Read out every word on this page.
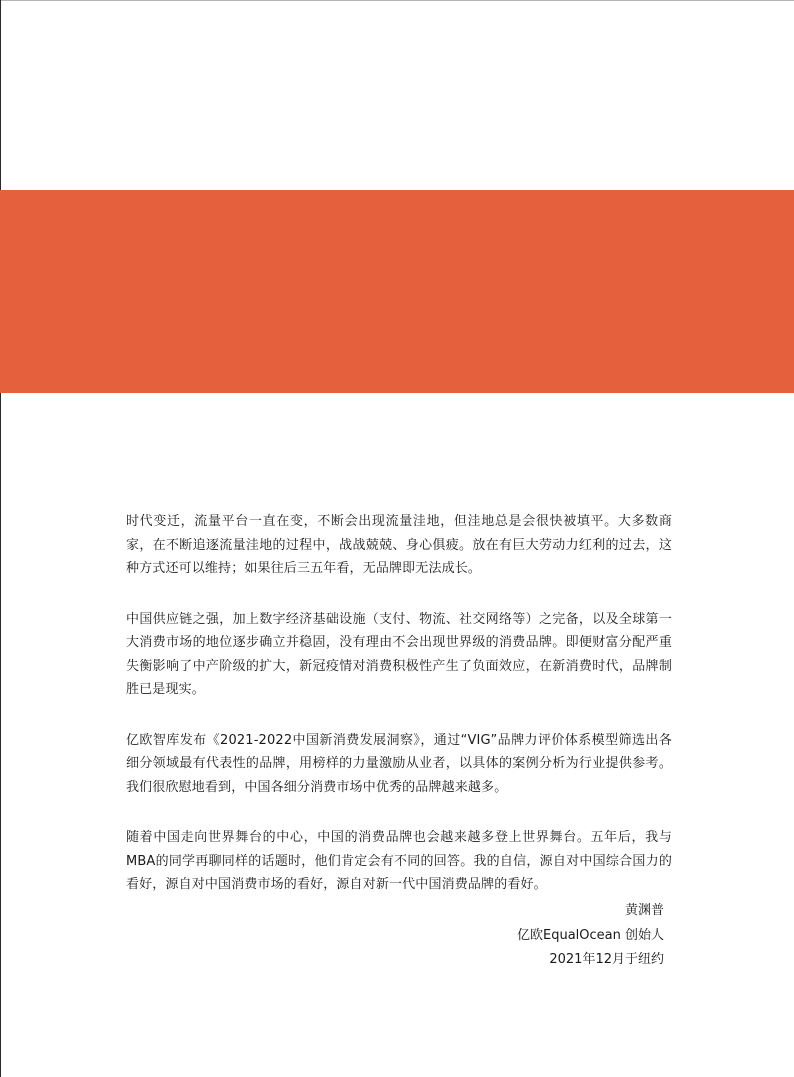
时代变迁，流量平台一直在变，不断会出现流量洼地，但洼地总是会很快被填平。大多数商家，在不断追逐流量洼地的过程中，战战兢兢、身心俱疲。放在有巨大劳动力红利的过去，这种方式还可以维持；如果往后三五年看，无品牌即无法成长。

中国供应链之强，加上数字经济基础设施（支付、物流、社交网络等）之完备，以及全球第一大消费市场的地位逐步确立并稳固，没有理由不会出现世界级的消费品牌。即便财富分配严重失衡影响了中产阶级的扩大，新冠疫情对消费积极性产生了负面效应，在新消费时代，品牌制胜已是现实。

亿欧智库发布《2021-2022中国新消费发展洞察》，通过“VIG”品牌力评价体系模型筛选出各细分领域最有代表性的品牌，用榜样的力量激励从业者，以具体的案例分析为行业提供参考。我们很欣慰地看到，中国各细分消费市场中优秀的品牌越来越多。

随着中国走向世界舞台的中心，中国的消费品牌也会越来越多登上世界舞台。五年后，我与MBA的同学再聊同样的话题时，他们肯定会有不同的回答。我的自信，源自对中国综合国力的看好，源自对中国消费市场的看好，源自对新一代中国消费品牌的看好。

黄渊普
亿欧EqualOcean 创始人
2021年12月于纽约
